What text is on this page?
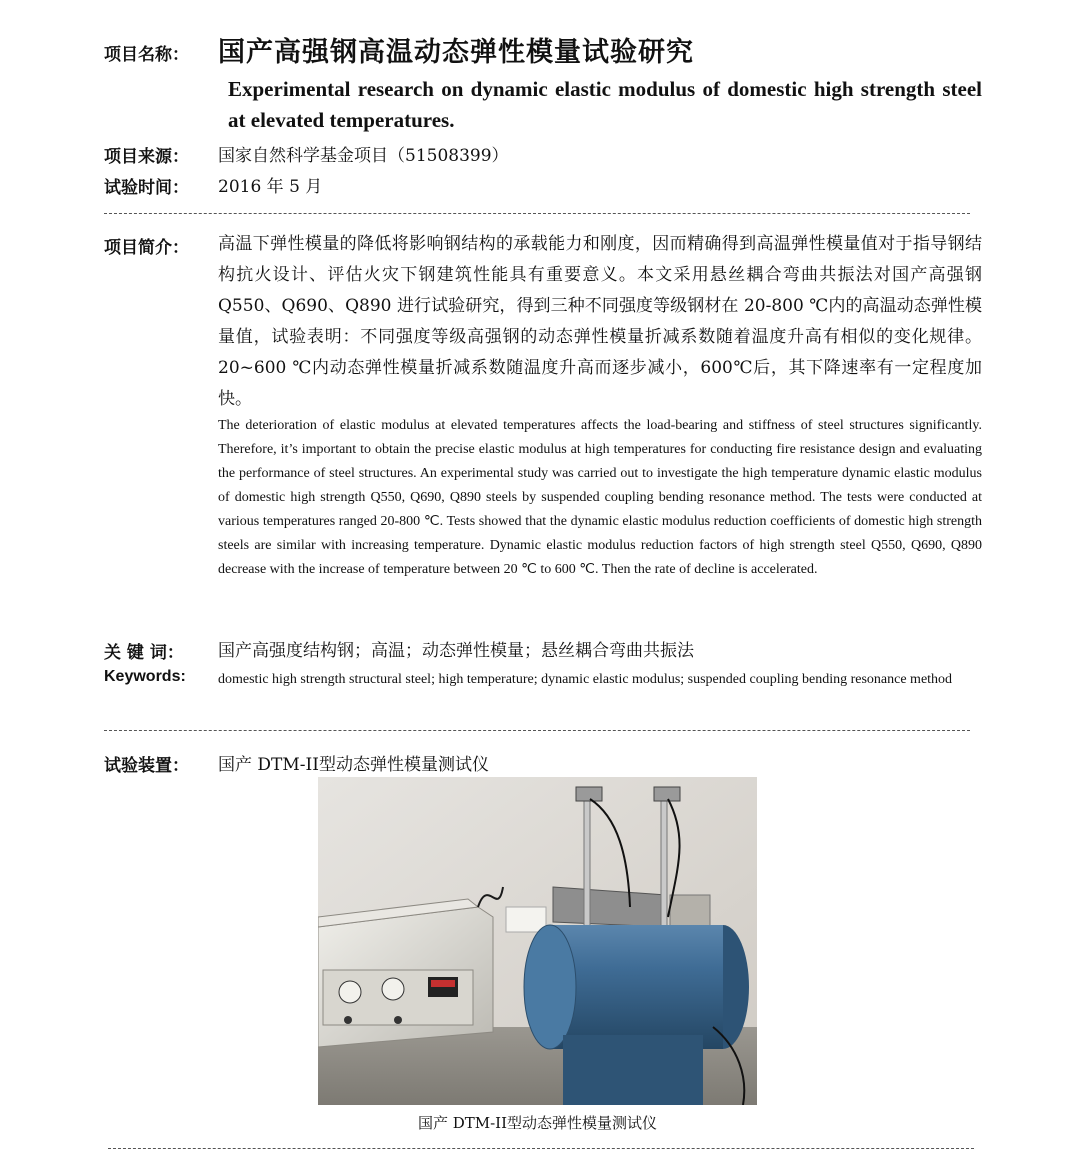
项目名称： 国产高强钢高温动态弹性模量试验研究
Experimental research on dynamic elastic modulus of domestic high strength steel at elevated temperatures.
项目来源： 国家自然科学基金项目（51508399）
试验时间： 2016 年 5 月
项目简介： 高温下弹性模量的降低将影响钢结构的承载能力和刚度，因而精确得到高温弹性模量值对于指导钢结构抗火设计、评估火灾下钢建筑性能具有重要意义。本文采用悬丝耦合弯曲共振法对国产高强钢 Q550、Q690、Q890 进行试验研究，得到三种不同强度等级钢材在 20-800 ℃内的高温动态弹性模量值，试验表明：不同强度等级高强钢的动态弹性模量折减系数随着温度升高有相似的变化规律。20~600 ℃内动态弹性模量折减系数随温度升高而逐步减小，600℃后，其下降速率有一定程度加快。
The deterioration of elastic modulus at elevated temperatures affects the load-bearing and stiffness of steel structures significantly. Therefore, it’s important to obtain the precise elastic modulus at high temperatures for conducting fire resistance design and evaluating the performance of steel structures. An experimental study was carried out to investigate the high temperature dynamic elastic modulus of domestic high strength Q550, Q690, Q890 steels by suspended coupling bending resonance method. The tests were conducted at various temperatures ranged 20-800 ℃. Tests showed that the dynamic elastic modulus reduction coefficients of domestic high strength steels are similar with increasing temperature. Dynamic elastic modulus reduction factors of high strength steel Q550, Q690, Q890 decrease with the increase of temperature between 20 ℃ to 600 ℃. Then the rate of decline is accelerated.
关 键 词： 国产高强度结构钢；高温；动态弹性模量；悬丝耦合弯曲共振法
Keywords: domestic high strength structural steel; high temperature; dynamic elastic modulus; suspended coupling bending resonance method
试验装置： 国产 DTM-II型动态弹性模量测试仪
国产 DTM-II型动态弹性模量测试仪
